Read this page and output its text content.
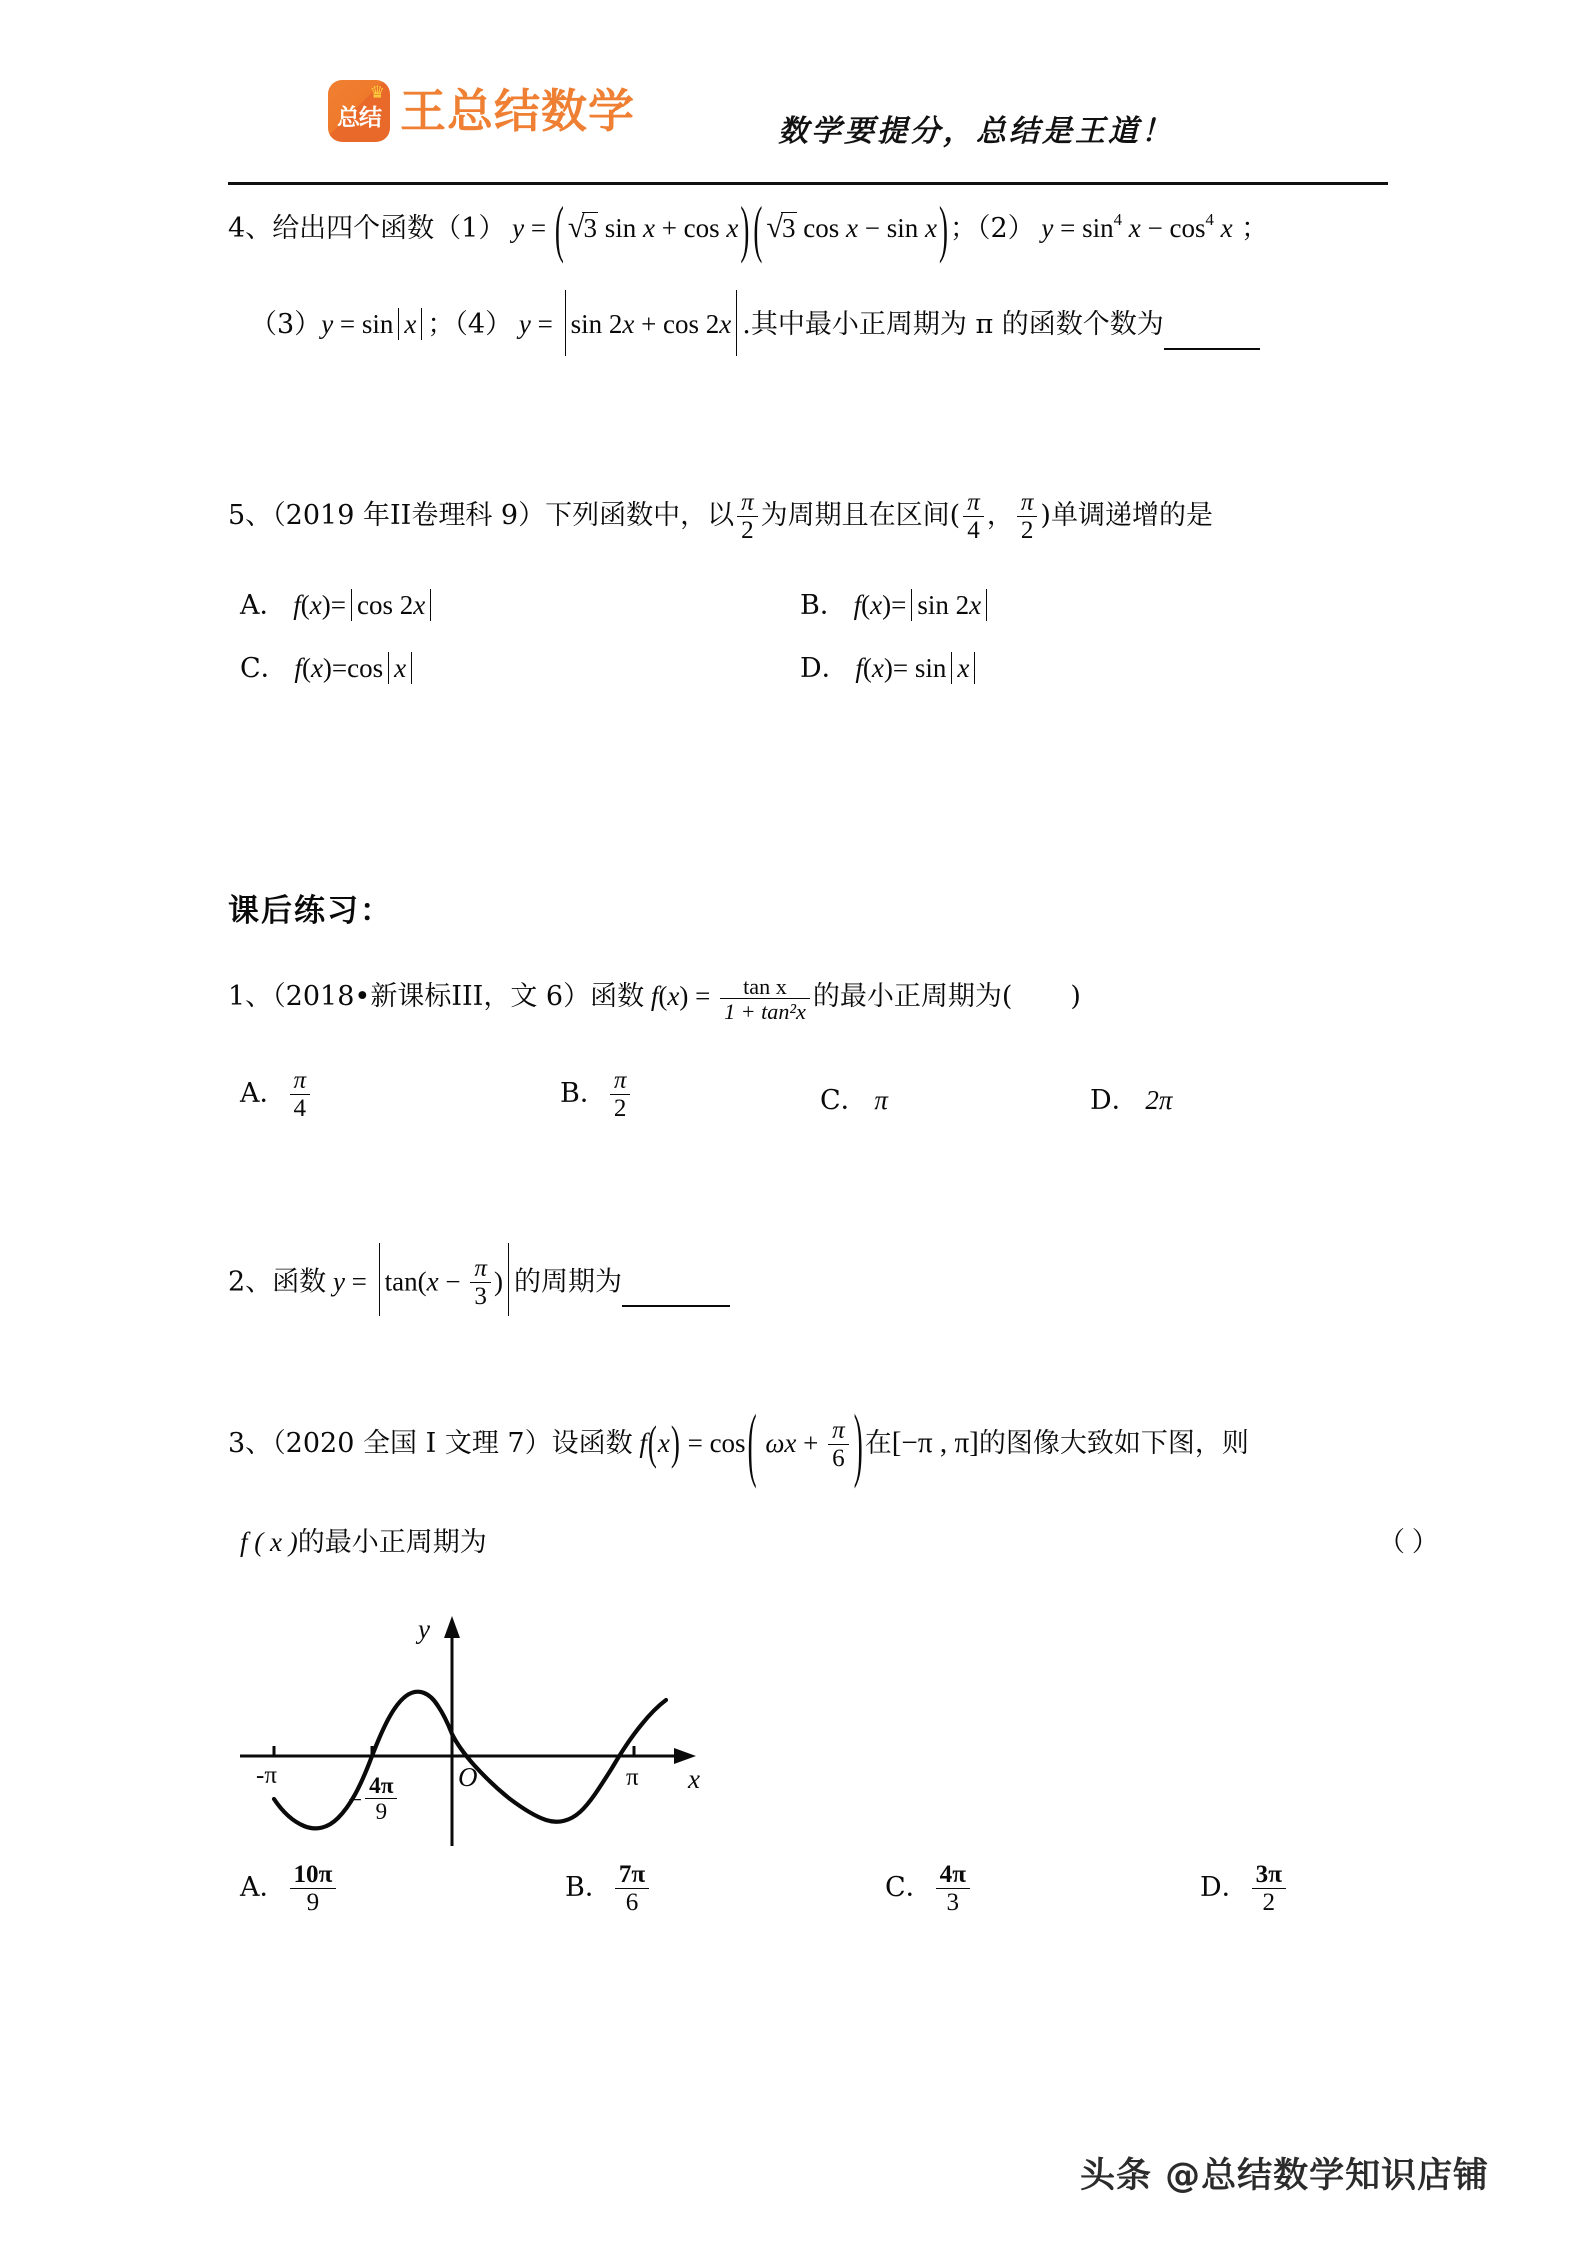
♛
总结 王总结数学	数学要提分，总结是王道！
4、给出四个函数（1） y = ( √3 sin x + cos x) ( √3 cos x − sin x)；（2） $y = \sin^4 x - \cos^4 x$ ；
（3）y = sin x ；（4） y = sin 2x + cos 2x .其中最小正周期为 π 的函数个数为
5、（2019 年II卷理科 9）下列函数中，以 $\frac{\pi}{2}$ 为周期且在区间( $\frac{\pi}{4}$ ， $\frac{\pi}{2}$ )单调递增的是
A． f(x)= cos 2x	B． f(x)= sin 2x
C． f(x)=cos x	D． f(x)= sin x
课后练习：
1、（2018•新课标III，文 6）函数 $f(x) = \frac{\text{tan x}}{\text{1 + tan²x}}$ 的最小正周期为( )
A． $\frac{\pi}{4}$	B． $\frac{\pi}{2}$	C． π	D． 2π
2、函数 $y = \tan(x - \frac{\pi}{3}$ ) 的周期为
3、（2020 全国 I 文理 7）设函数 f(x) = cos( $\omega x + \frac{\pi}{6}$ )在[−π , π]的图像大致如下图，则
f ( x )的最小正周期为	（ ）
y
x
O
-π	π
− $\frac{4\pi}{9}$
A． $\frac{10\pi}{9}$	B． $\frac{7\pi}{6}$	C． $\frac{4\pi}{3}$	D． $\frac{3\pi}{2}$
头条 @总结数学知识店铺
